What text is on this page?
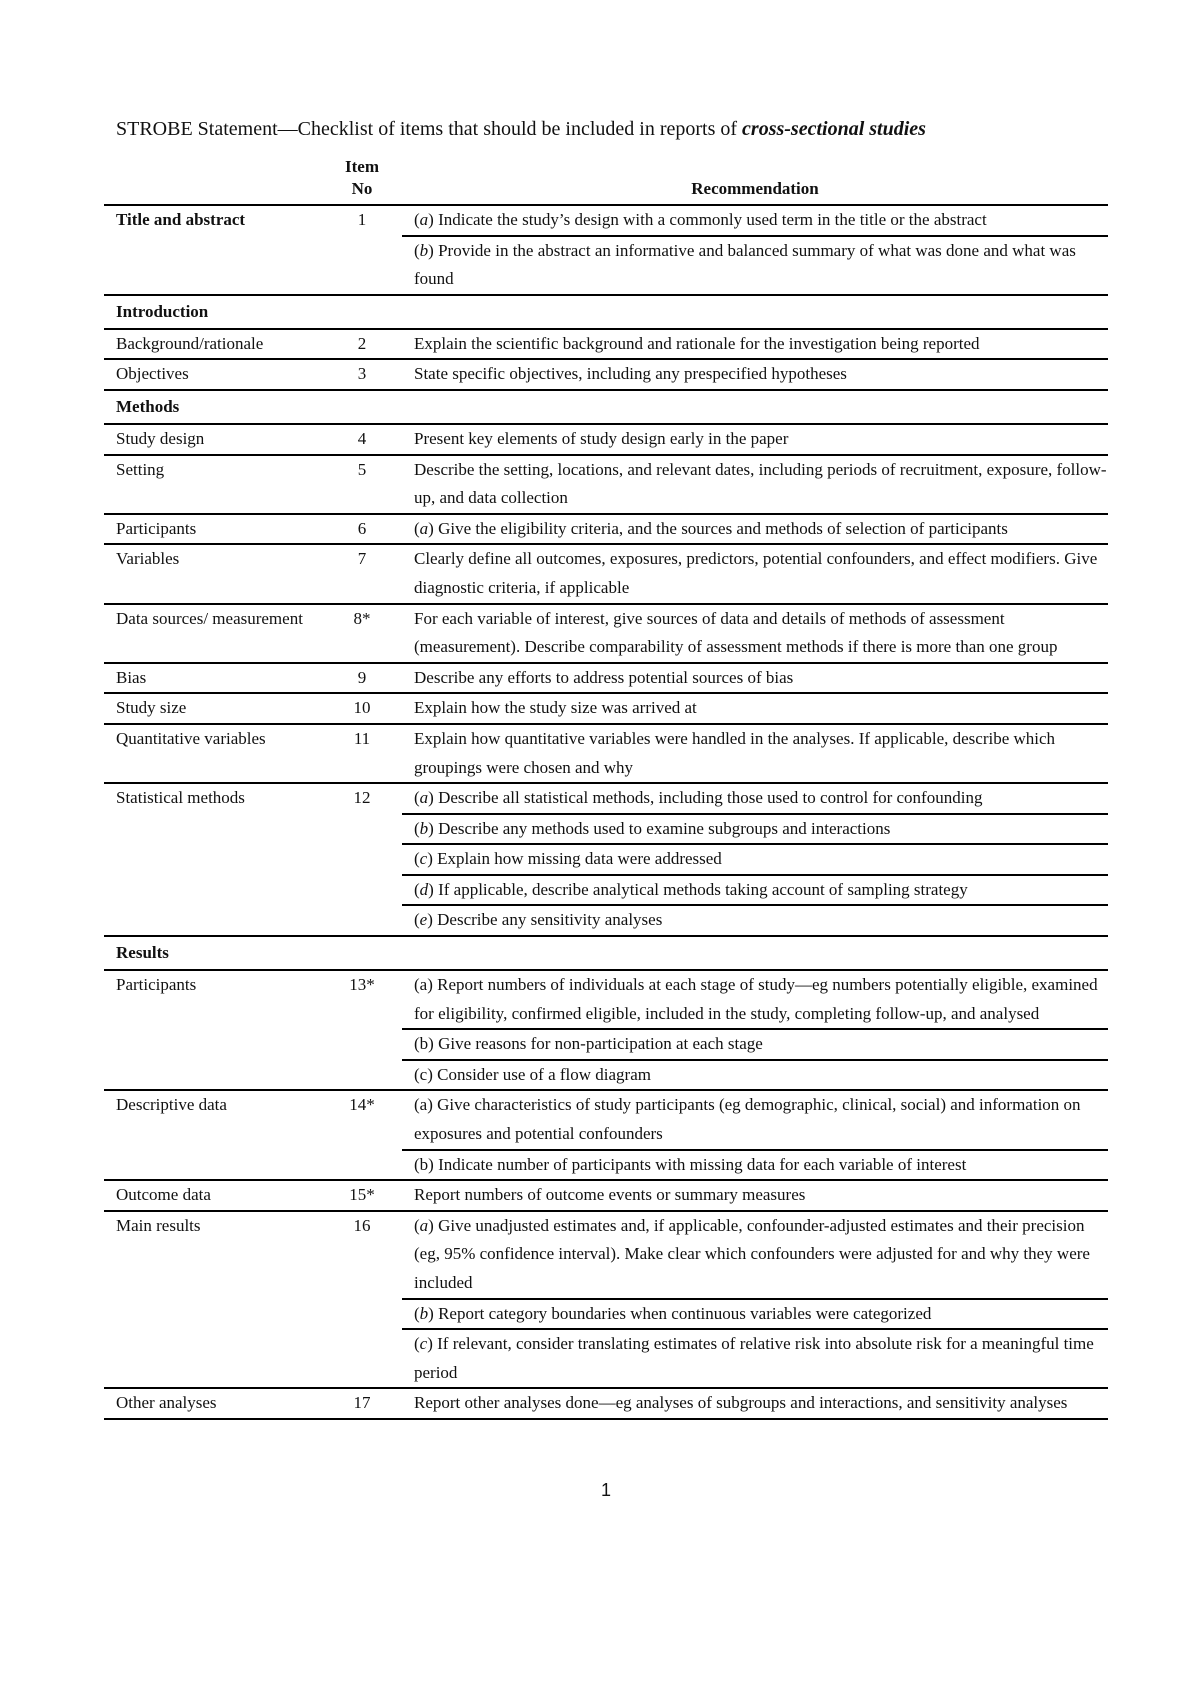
STROBE Statement—Checklist of items that should be included in reports of cross-sectional studies
Item
No	Recommendation
Title and abstract	1	(a) Indicate the study’s design with a commonly used term in the title or the abstract
(b) Provide in the abstract an informative and balanced summary of what was done and what was found
Introduction
Background/rationale	2	Explain the scientific background and rationale for the investigation being reported
Objectives	3	State specific objectives, including any prespecified hypotheses
Methods
Study design	4	Present key elements of study design early in the paper
Setting	5	Describe the setting, locations, and relevant dates, including periods of recruitment, exposure, follow-up, and data collection
Participants	6	(a) Give the eligibility criteria, and the sources and methods of selection of participants
Variables	7	Clearly define all outcomes, exposures, predictors, potential confounders, and effect modifiers. Give diagnostic criteria, if applicable
Data sources/ measurement	8*	For each variable of interest, give sources of data and details of methods of assessment (measurement). Describe comparability of assessment methods if there is more than one group
Bias	9	Describe any efforts to address potential sources of bias
Study size	10	Explain how the study size was arrived at
Quantitative variables	11	Explain how quantitative variables were handled in the analyses. If applicable, describe which groupings were chosen and why
Statistical methods	12	(a) Describe all statistical methods, including those used to control for confounding
(b) Describe any methods used to examine subgroups and interactions
(c) Explain how missing data were addressed
(d) If applicable, describe analytical methods taking account of sampling strategy
(e) Describe any sensitivity analyses
Results
Participants	13*	(a) Report numbers of individuals at each stage of study—eg numbers potentially eligible, examined for eligibility, confirmed eligible, included in the study, completing follow-up, and analysed
(b) Give reasons for non-participation at each stage
(c) Consider use of a flow diagram
Descriptive data	14*	(a) Give characteristics of study participants (eg demographic, clinical, social) and information on exposures and potential confounders
(b) Indicate number of participants with missing data for each variable of interest
Outcome data	15*	Report numbers of outcome events or summary measures
Main results	16	(a) Give unadjusted estimates and, if applicable, confounder-adjusted estimates and their precision (eg, 95% confidence interval). Make clear which confounders were adjusted for and why they were included
(b) Report category boundaries when continuous variables were categorized
(c) If relevant, consider translating estimates of relative risk into absolute risk for a meaningful time period
Other analyses	17	Report other analyses done—eg analyses of subgroups and interactions, and sensitivity analyses
1
